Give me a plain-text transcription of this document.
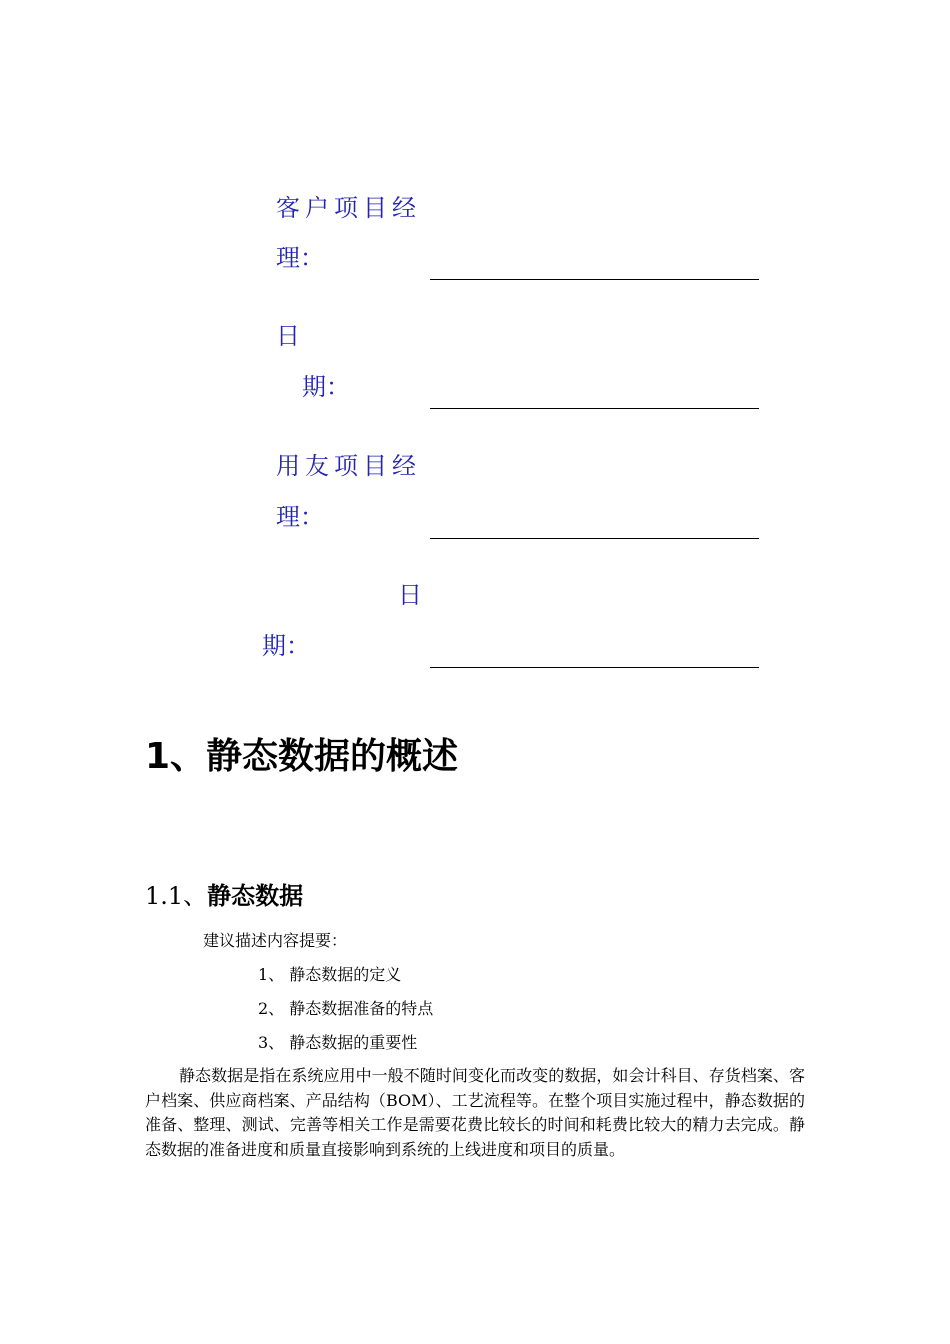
客户项目经
理：
日
期：
用友项目经
理：
日
期：
1、静态数据的概述
1.1、静态数据
建议描述内容提要：
1、 静态数据的定义
2、 静态数据准备的特点
3、 静态数据的重要性
静态数据是指在系统应用中一般不随时间变化而改变的数据，如会计科目、存货档案、客户档案、供应商档案、产品结构（BOM）、工艺流程等。在整个项目实施过程中，静态数据的准备、整理、测试、完善等相关工作是需要花费比较长的时间和耗费比较大的精力去完成。静态数据的准备进度和质量直接影响到系统的上线进度和项目的质量。
